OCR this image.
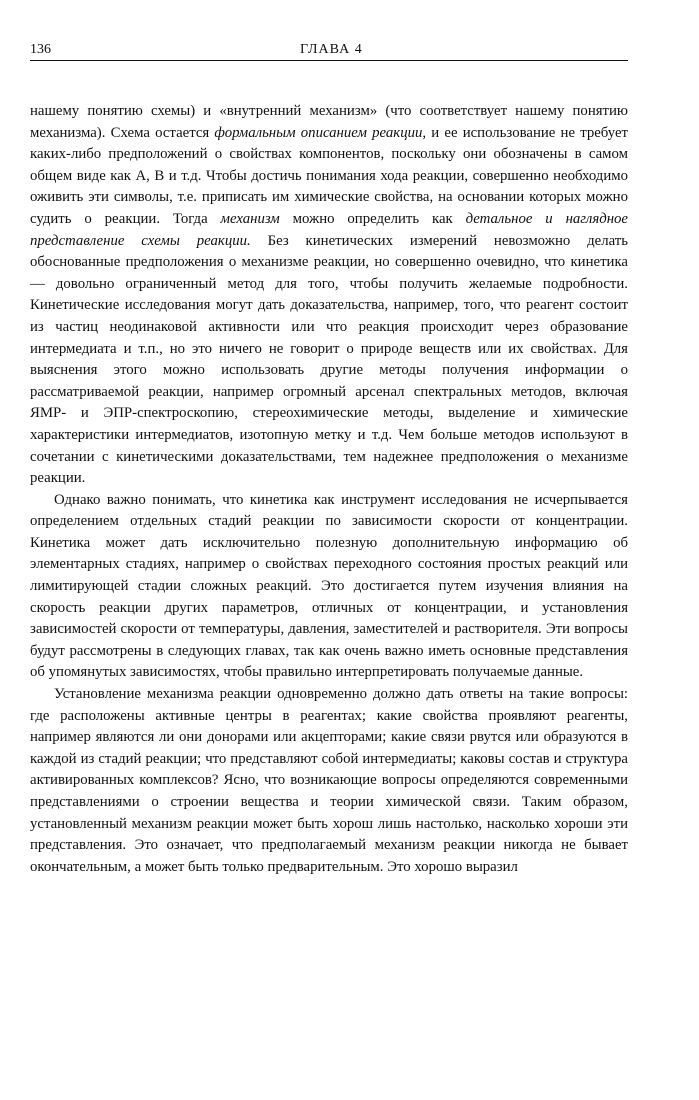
136	ГЛАВА 4

нашему понятию схемы) и «внутренний механизм» (что соответствует нашему понятию механизма). Схема остается формальным описанием реакции, и ее использование не требует каких-либо предположений о свойствах компонентов, поскольку они обозначены в самом общем виде как А, В и т.д. Чтобы достичь понимания хода реакции, совершенно необходимо оживить эти символы, т.е. приписать им химические свойства, на основании которых можно судить о реакции. Тогда механизм можно определить как детальное и наглядное представление схемы реакции. Без кинетических измерений невозможно делать обоснованные предположения о механизме реакции, но совершенно очевидно, что кинетика — довольно ограниченный метод для того, чтобы получить желаемые подробности. Кинетические исследования могут дать доказательства, например, того, что реагент состоит из частиц неодинаковой активности или что реакция происходит через образование интермедиата и т.п., но это ничего не говорит о природе веществ или их свойствах. Для выяснения этого можно использовать другие методы получения информации о рассматриваемой реакции, например огромный арсенал спектральных методов, включая ЯМР- и ЭПР-спектроскопию, стереохимические методы, выделение и химические характеристики интермедиатов, изотопную метку и т.д. Чем больше методов используют в сочетании с кинетическими доказательствами, тем надежнее предположения о механизме реакции.

Однако важно понимать, что кинетика как инструмент исследования не исчерпывается определением отдельных стадий реакции по зависимости скорости от концентрации. Кинетика может дать исключительно полезную дополнительную информацию об элементарных стадиях, например о свойствах переходного состояния простых реакций или лимитирующей стадии сложных реакций. Это достигается путем изучения влияния на скорость реакции других параметров, отличных от концентрации, и установления зависимостей скорости от температуры, давления, заместителей и растворителя. Эти вопросы будут рассмотрены в следующих главах, так как очень важно иметь основные представления об упомянутых зависимостях, чтобы правильно интерпретировать получаемые данные.

Установление механизма реакции одновременно должно дать ответы на такие вопросы: где расположены активные центры в реагентах; какие свойства проявляют реагенты, например являются ли они донорами или акцепторами; какие связи рвутся или образуются в каждой из стадий реакции; что представляют собой интермедиаты; каковы состав и структура активированных комплексов? Ясно, что возникающие вопросы определяются современными представлениями о строении вещества и теории химической связи. Таким образом, установленный механизм реакции может быть хорош лишь настолько, насколько хороши эти представления. Это означает, что предполагаемый механизм реакции никогда не бывает окончательным, а может быть только предварительным. Это хорошо выразил
